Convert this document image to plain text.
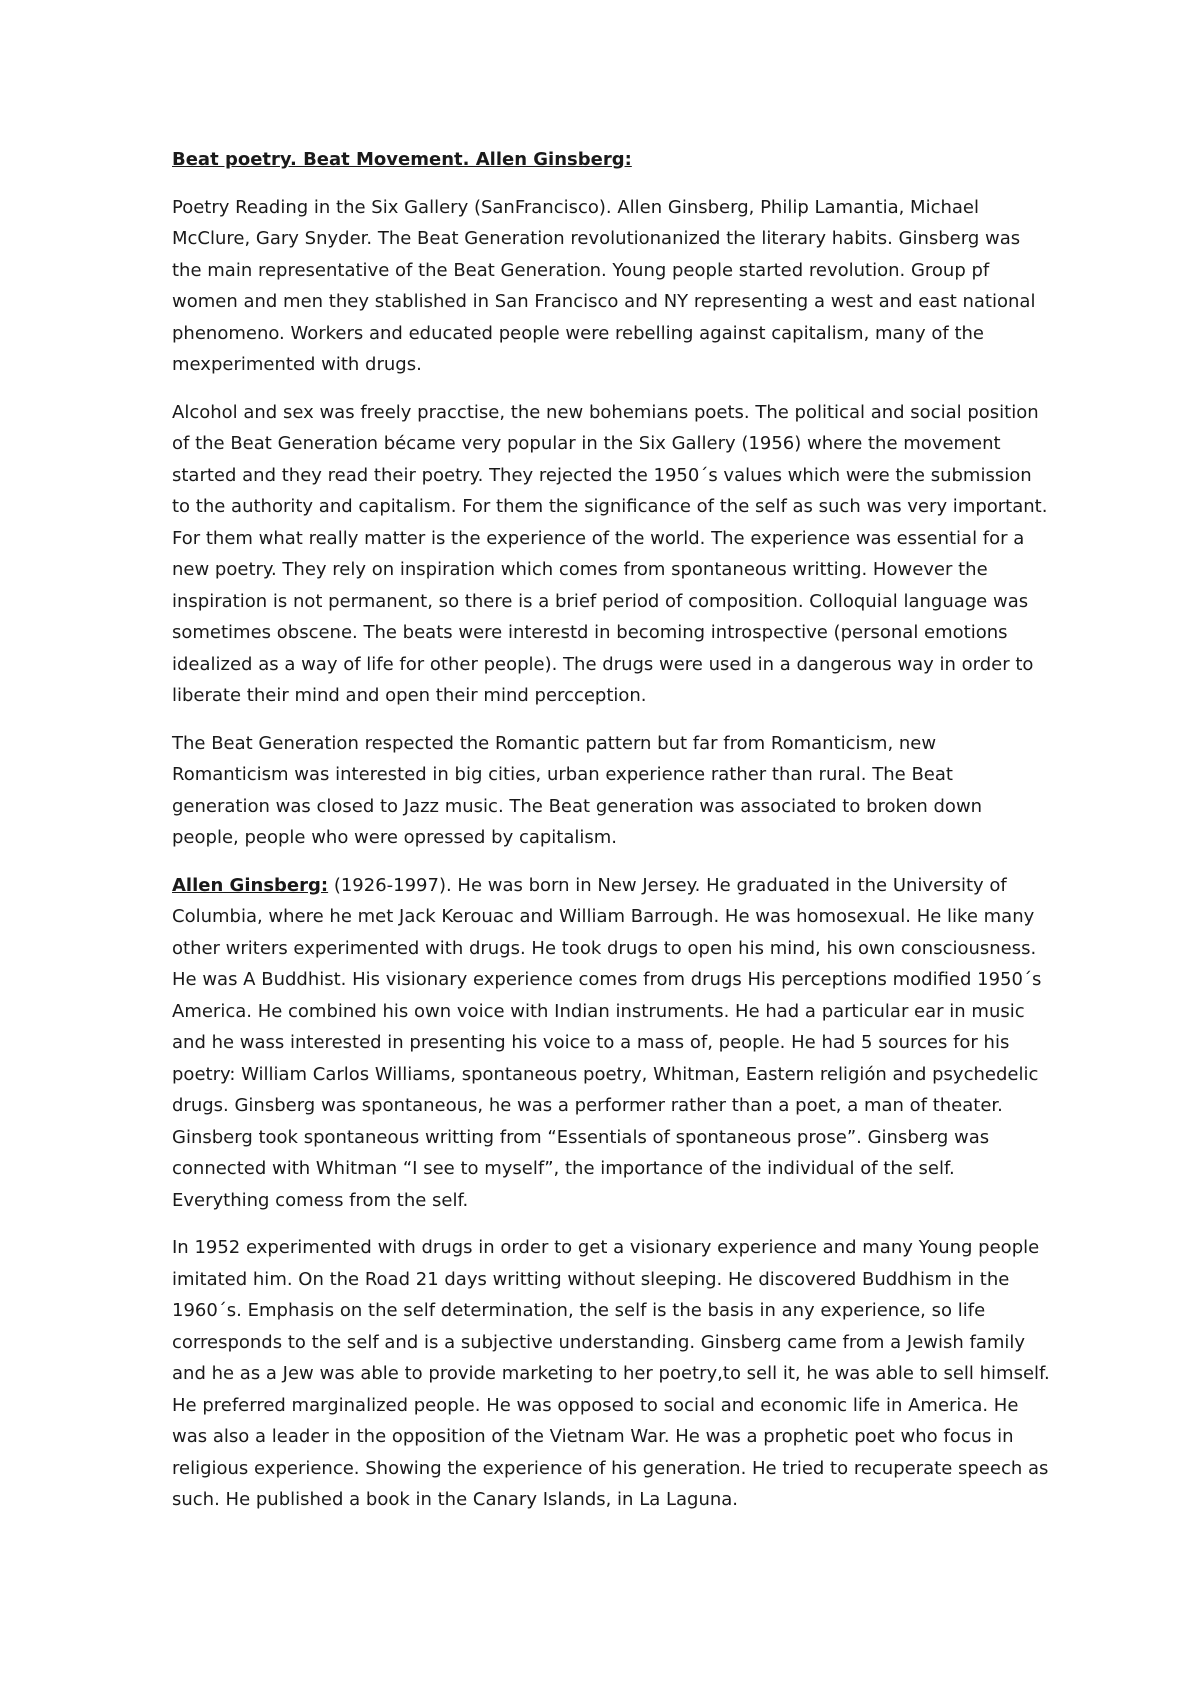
Beat poetry. Beat Movement. Allen Ginsberg:

Poetry Reading in the Six Gallery (SanFrancisco). Allen Ginsberg, Philip Lamantia, Michael McClure, Gary Snyder. The Beat Generation revolutionanized the literary habits. Ginsberg was the main representative of the Beat Generation. Young people started revolution. Group pf women and men they stablished in San Francisco and NY representing a west and east national phenomeno. Workers and educated people were rebelling against capitalism, many of the mexperimented with drugs.

Alcohol and sex was freely pracctise, the new bohemians poets. The political and social position of the Beat Generation bécame very popular in the Six Gallery (1956) where the movement started and they read their poetry. They rejected the 1950´s values which were the submission to the authority and capitalism. For them the significance of the self as such was very important. For them what really matter is the experience of the world. The experience was essential for a new poetry. They rely on inspiration which comes from spontaneous writting. However the inspiration is not permanent, so there is a brief period of composition. Colloquial language was sometimes obscene. The beats were interestd in becoming introspective (personal emotions idealized as a way of life for other people). The drugs were used in a dangerous way in order to liberate their mind and open their mind percception.

The Beat Generation respected the Romantic pattern but far from Romanticism, new Romanticism was interested in big cities, urban experience rather than rural. The Beat generation was closed to Jazz music. The Beat generation was associated to broken down people, people who were opressed by capitalism.

Allen Ginsberg: (1926-1997). He was born in New Jersey. He graduated in the University of Columbia, where he met Jack Kerouac and William Barrough. He was homosexual. He like many other writers experimented with drugs. He took drugs to open his mind, his own consciousness. He was A Buddhist. His visionary experience comes from drugs His perceptions modified 1950´s America. He combined his own voice with Indian instruments. He had a particular ear in music and he wass interested in presenting his voice to a mass of, people. He had 5 sources for his poetry: William Carlos Williams, spontaneous poetry, Whitman, Eastern religión and psychedelic drugs. Ginsberg was spontaneous, he was a performer rather than a poet, a man of theater. Ginsberg took spontaneous writting from “Essentials of spontaneous prose”. Ginsberg was connected with Whitman “I see to myself”, the importance of the individual of the self. Everything comess from the self.

In 1952 experimented with drugs in order to get a visionary experience and many Young people imitated him. On the Road 21 days writting without sleeping. He discovered Buddhism in the 1960´s. Emphasis on the self determination, the self is the basis in any experience, so life corresponds to the self and is a subjective understanding. Ginsberg came from a Jewish family and he as a Jew was able to provide marketing to her poetry,to sell it, he was able to sell himself. He preferred marginalized people. He was opposed to social and economic life in America. He was also a leader in the opposition of the Vietnam War. He was a prophetic poet who focus in religious experience. Showing the experience of his generation. He tried to recuperate speech as such. He published a book in the Canary Islands, in La Laguna.
